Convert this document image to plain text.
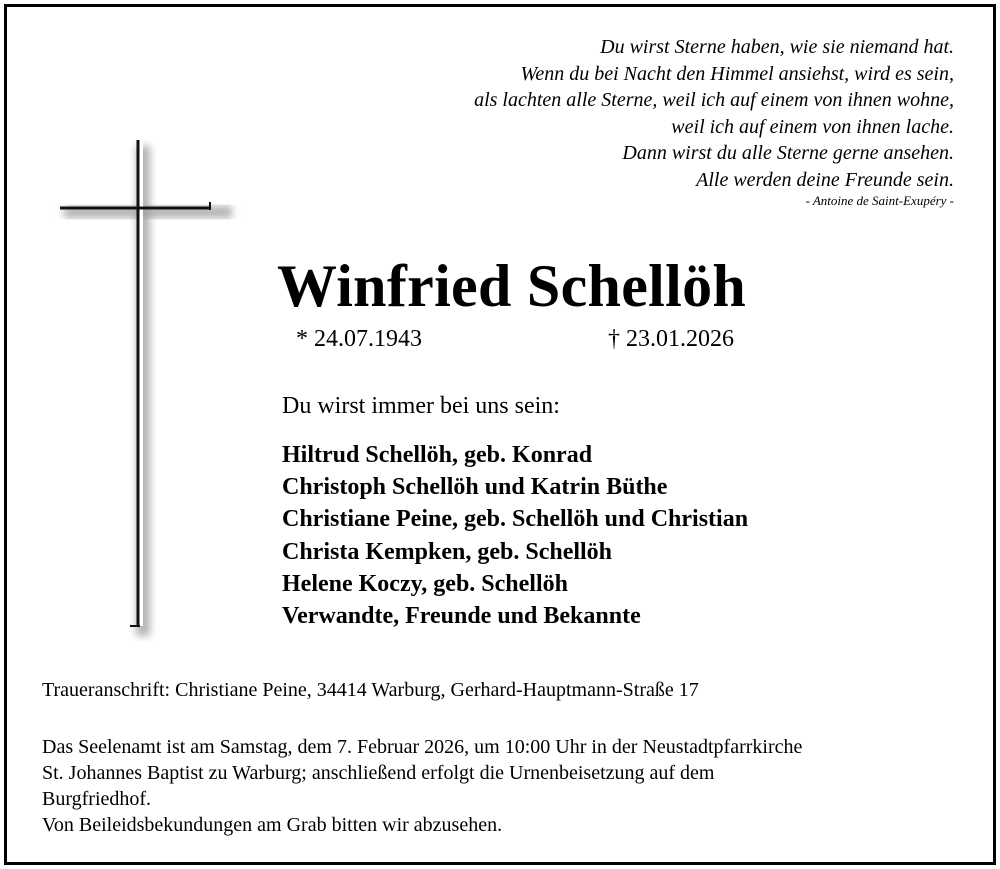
Du wirst Sterne haben, wie sie niemand hat.
Wenn du bei Nacht den Himmel ansiehst, wird es sein,
als lachten alle Sterne, weil ich auf einem von ihnen wohne,
weil ich auf einem von ihnen lache.
Dann wirst du alle Sterne gerne ansehen.
Alle werden deine Freunde sein.
- Antoine de Saint-Exupéry -
Winfried Schellöh
* 24.07.1943	† 23.01.2026
Du wirst immer bei uns sein:
Hiltrud Schellöh, geb. Konrad
Christoph Schellöh und Katrin Büthe
Christiane Peine, geb. Schellöh und Christian
Christa Kempken, geb. Schellöh
Helene Koczy, geb. Schellöh
Verwandte, Freunde und Bekannte
Traueranschrift: Christiane Peine, 34414 Warburg, Gerhard-Hauptmann-Straße 17
Das Seelenamt ist am Samstag, dem 7. Februar 2026, um 10:00 Uhr in der Neustadtpfarrkirche
St. Johannes Baptist zu Warburg; anschließend erfolgt die Urnenbeisetzung auf dem
Burgfriedhof.
Von Beileidsbekundungen am Grab bitten wir abzusehen.
